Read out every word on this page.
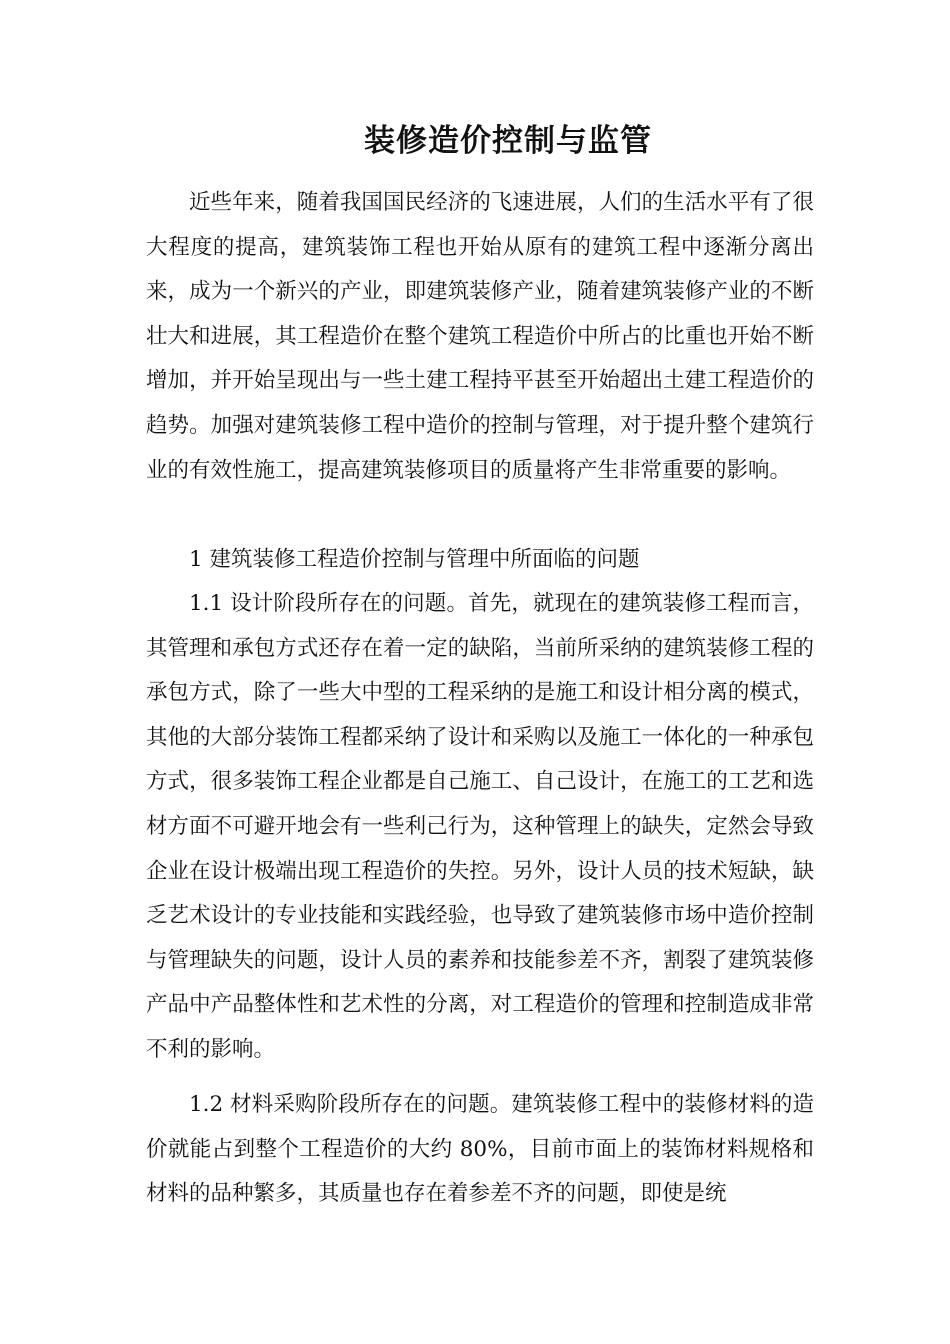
装修造价控制与监管

近些年来，随着我国国民经济的飞速进展，人们的生活水平有了很大程度的提高，建筑装饰工程也开始从原有的建筑工程中逐渐分离出来，成为一个新兴的产业，即建筑装修产业，随着建筑装修产业的不断壮大和进展，其工程造价在整个建筑工程造价中所占的比重也开始不断增加，并开始呈现出与一些土建工程持平甚至开始超出土建工程造价的趋势。加强对建筑装修工程中造价的控制与管理，对于提升整个建筑行业的有效性施工，提高建筑装修项目的质量将产生非常重要的影响。

1 建筑装修工程造价控制与管理中所面临的问题

1.1 设计阶段所存在的问题。首先，就现在的建筑装修工程而言，其管理和承包方式还存在着一定的缺陷，当前所采纳的建筑装修工程的承包方式，除了一些大中型的工程采纳的是施工和设计相分离的模式，其他的大部分装饰工程都采纳了设计和采购以及施工一体化的一种承包方式，很多装饰工程企业都是自己施工、自己设计，在施工的工艺和选材方面不可避开地会有一些利己行为，这种管理上的缺失，定然会导致企业在设计极端出现工程造价的失控。另外，设计人员的技术短缺，缺乏艺术设计的专业技能和实践经验，也导致了建筑装修市场中造价控制与管理缺失的问题，设计人员的素养和技能参差不齐，割裂了建筑装修产品中产品整体性和艺术性的分离，对工程造价的管理和控制造成非常不利的影响。

1.2 材料采购阶段所存在的问题。建筑装修工程中的装修材料的造价就能占到整个工程造价的大约 80%，目前市面上的装饰材料规格和材料的品种繁多，其质量也存在着参差不齐的问题，即使是统
